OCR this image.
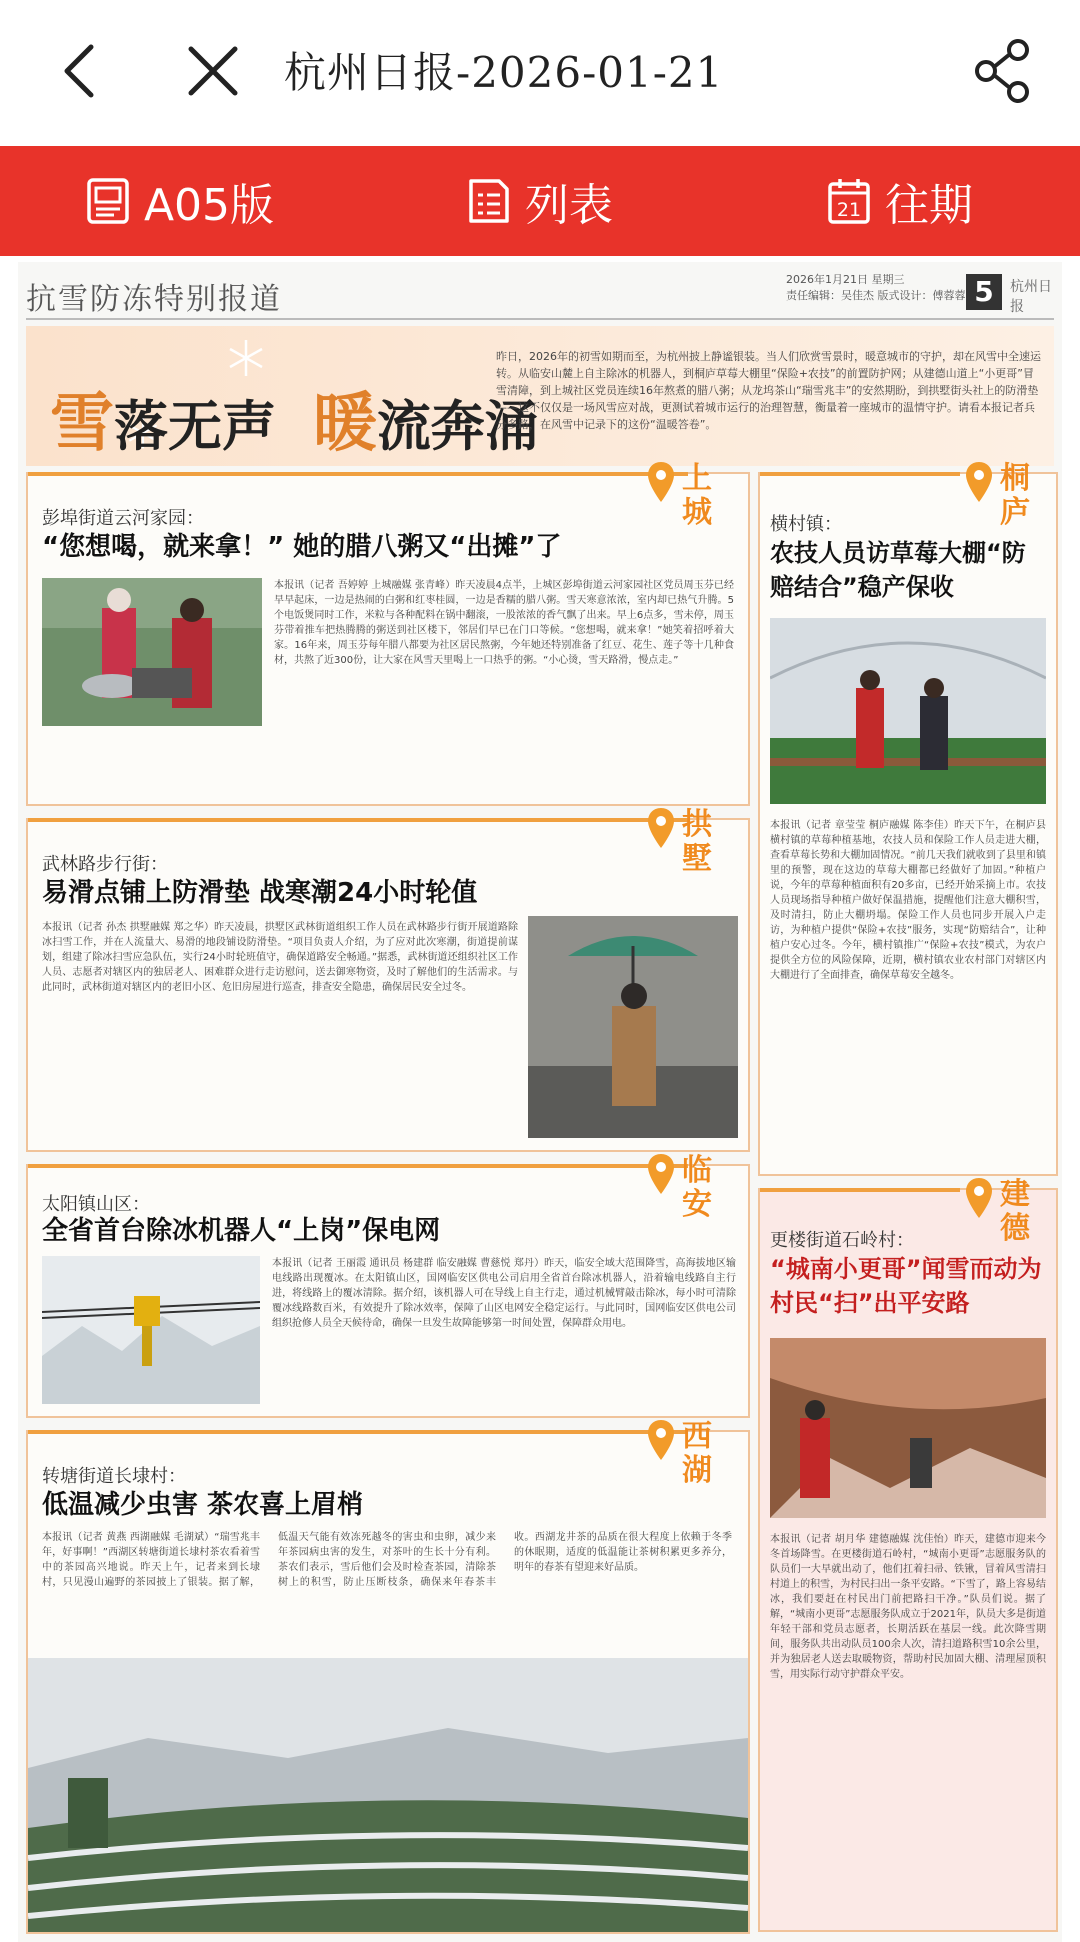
杭州日报-2026-01-21
A05版	列表	21 往期
抗雪防冻特别报道
2026年1月21日 星期三
责任编辑：吴佳杰 版式设计：傅蓉蓉 5	杭州日报
雪落无声 暖流奔涌
昨日，2026年的初雪如期而至，为杭州披上静谧银装。当人们欣赏雪景时，暖意城市的守护，却在风雪中全速运转。从临安山麓上自主除冰的机器人，到桐庐草莓大棚里“保险+农技”的前置防护网；从建德山道上“小更哥”冒雪清障，到上城社区党员连续16年熬煮的腊八粥；从龙坞茶山“瑞雪兆丰”的安然期盼，到拱墅街头社上的防滑垫——这不仅仅是一场风雪应对战，更测试着城市运行的治理智慧，衡量着一座城市的温情守护。请看本报记者兵分多路，在风雪中记录下的这份“温暖答卷”。
上城
彭埠街道云河家园：
“您想喝，就来拿！” 她的腊八粥又“出摊”了
本报讯（记者 吾婷婷 上城融媒 张青峰）昨天凌晨4点半，上城区彭埠街道云河家园社区党员周玉芬已经早早起床，一边是热闹的白粥和红枣桂圆，一边是香糯的腊八粥。雪天寒意浓浓，室内却已热气升腾。5个电饭煲同时工作，米粒与各种配料在锅中翻滚，一股浓浓的香气飘了出来。早上6点多，雪未停，周玉芬带着推车把热腾腾的粥送到社区楼下，邻居们早已在门口等候。“您想喝，就来拿！”她笑着招呼着大家。16年来，周玉芬每年腊八都要为社区居民熬粥，今年她还特别准备了红豆、花生、莲子等十几种食材，共熬了近300份，让大家在风雪天里喝上一口热乎的粥。“小心烫，雪天路滑，慢点走。”
桐庐
横村镇：
农技人员访草莓大棚“防赔结合”稳产保收
本报讯（记者 章莹莹 桐庐融媒 陈李佳）昨天下午，在桐庐县横村镇的草莓种植基地，农技人员和保险工作人员走进大棚，查看草莓长势和大棚加固情况。“前几天我们就收到了县里和镇里的预警，现在这边的草莓大棚都已经做好了加固。”种植户说，今年的草莓种植面积有20多亩，已经开始采摘上市。农技人员现场指导种植户做好保温措施，提醒他们注意大棚积雪，及时清扫，防止大棚坍塌。保险工作人员也同步开展入户走访，为种植户提供“保险+农技”服务，实现“防赔结合”，让种植户安心过冬。今年，横村镇推广“保险+农技”模式，为农户提供全方位的风险保障，近期，横村镇农业农村部门对辖区内大棚进行了全面排查，确保草莓安全越冬。
拱墅
武林路步行街：
易滑点铺上防滑垫 战寒潮24小时轮值
本报讯（记者 孙杰 拱墅融媒 郑之华）昨天凌晨，拱墅区武林街道组织工作人员在武林路步行街开展道路除冰扫雪工作，并在人流量大、易滑的地段铺设防滑垫。“项目负责人介绍，为了应对此次寒潮，街道提前谋划，组建了除冰扫雪应急队伍，实行24小时轮班值守，确保道路安全畅通。”据悉，武林街道还组织社区工作人员、志愿者对辖区内的独居老人、困难群众进行走访慰问，送去御寒物资，及时了解他们的生活需求。与此同时，武林街道对辖区内的老旧小区、危旧房屋进行巡查，排查安全隐患，确保居民安全过冬。
临安
太阳镇山区：
全省首台除冰机器人“上岗”保电网
本报讯（记者 王丽霞 通讯员 杨建群 临安融媒 曹慈悦 郑丹）昨天，临安全域大范围降雪，高海拔地区输电线路出现覆冰。在太阳镇山区，国网临安区供电公司启用全省首台除冰机器人，沿着输电线路自主行进，将线路上的覆冰清除。据介绍，该机器人可在导线上自主行走，通过机械臂敲击除冰，每小时可清除覆冰线路数百米，有效提升了除冰效率，保障了山区电网安全稳定运行。与此同时，国网临安区供电公司组织抢修人员全天候待命，确保一旦发生故障能够第一时间处置，保障群众用电。
建德
更楼街道石岭村：
“城南小更哥”闻雪而动为村民“扫”出平安路
本报讯（记者 胡月华 建德融媒 沈佳怡）昨天，建德市迎来今冬首场降雪。在更楼街道石岭村，“城南小更哥”志愿服务队的队员们一大早就出动了，他们扛着扫帚、铁锹，冒着风雪清扫村道上的积雪，为村民扫出一条平安路。“下雪了，路上容易结冰，我们要赶在村民出门前把路扫干净。”队员们说。据了解，“城南小更哥”志愿服务队成立于2021年，队员大多是街道年轻干部和党员志愿者，长期活跃在基层一线。此次降雪期间，服务队共出动队员100余人次，清扫道路积雪10余公里，并为独居老人送去取暖物资，帮助村民加固大棚、清理屋顶积雪，用实际行动守护群众平安。
西湖
转塘街道长埭村：
低温减少虫害 茶农喜上眉梢
本报讯（记者 黄燕 西湖融媒 毛湖斌）“瑞雪兆丰年，好事啊！”西湖区转塘街道长埭村茶农看着雪中的茶园高兴地说。昨天上午，记者来到长埭村，只见漫山遍野的茶园披上了银装。据了解，低温天气能有效冻死越冬的害虫和虫卵，减少来年茶园病虫害的发生，对茶叶的生长十分有利。茶农们表示，雪后他们会及时检查茶园，清除茶树上的积雪，防止压断枝条，确保来年春茶丰收。西湖龙井茶的品质在很大程度上依赖于冬季的休眠期，适度的低温能让茶树积累更多养分，明年的春茶有望迎来好品质。
